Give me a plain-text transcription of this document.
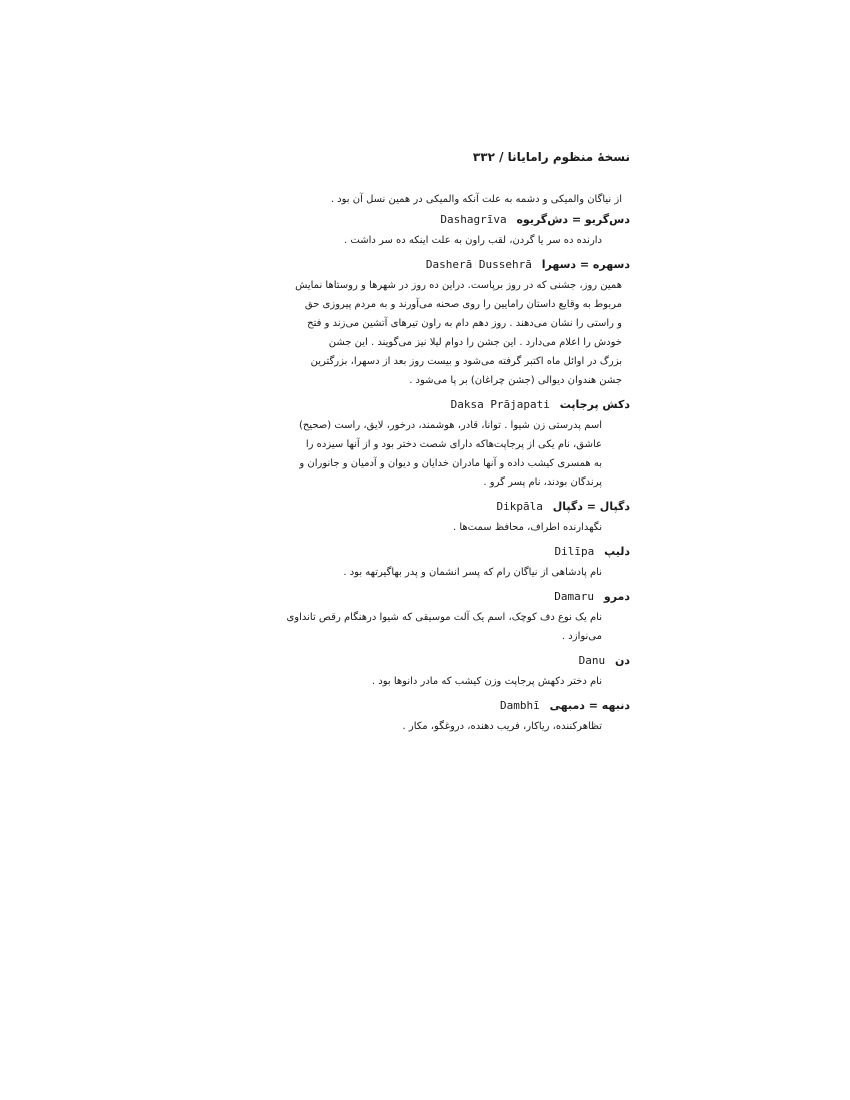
نسخهٔ منظوم رامایانا / ۳۳۲

از نیاگان والمیکی و دشمه به علت آنکه والمیکی در همین نسل آن بود .

دس‌گریو = دش‌گریوه Dashagrīva

دارنده ده سر یا گردن، لقب راون به علت اینکه ده سر داشت .

دسهره = دسهرا Dasherā Dussehrā

همین روز، جشنی که در روز برپاست. دراین ده روز در شهرها و روستاها نمایش

مربوط به وقایع داستان رامایین را روی صحنه می‌آورند و به مردم پیروزی حق

و راستی را نشان می‌دهند . روز دهم دام به راون تیرهای آتشین می‌زند و فتح

خودش را اعلام می‌دارد . این جشن را دوام لیلا نیز می‌گویند . این جشن

بزرگ در اوائل ماه اکتبر گرفته می‌شود و بیست روز بعد از دسهرا، بزرگترین

جشن هندوان دیوالی (جشن چراغان) بر پا می‌شود .

دکش پرجاپت Daksa Prājapati

اسم پدرستی زن شیوا . توانا، قادر، هوشمند، درخور، لایق، راست (صحیح)

عاشق، نام یکی از پرجاپت‌هاکه دارای شصت دختر بود و از آنها سیزده را

به همسری کیشب داده و آنها مادران خدایان و دیوان و آدمیان و جانوران و

پرندگان بودند، نام پسر گرو .

دگپال = دگپال Dikpāla

نگهدارنده اطراف، محافظ سمت‌ها .

دلیپ Dilīpa

نام پادشاهی از نیاگان رام که پسر انشمان و پدر بهاگیرتهه بود .

دمرو Damaru

نام یک نوع دف کوچک، اسم یک آلت موسیقی که شیوا درهنگام رقص تانداوی

می‌نوازد .

دن Danu

نام دختر دکهش پرجاپت وزن کیشب که مادر دانوها بود .

دنبهه = دمبهی Dambhī

تظاهرکننده، ریاکار، فریب دهنده، دروغگو، مکار .
